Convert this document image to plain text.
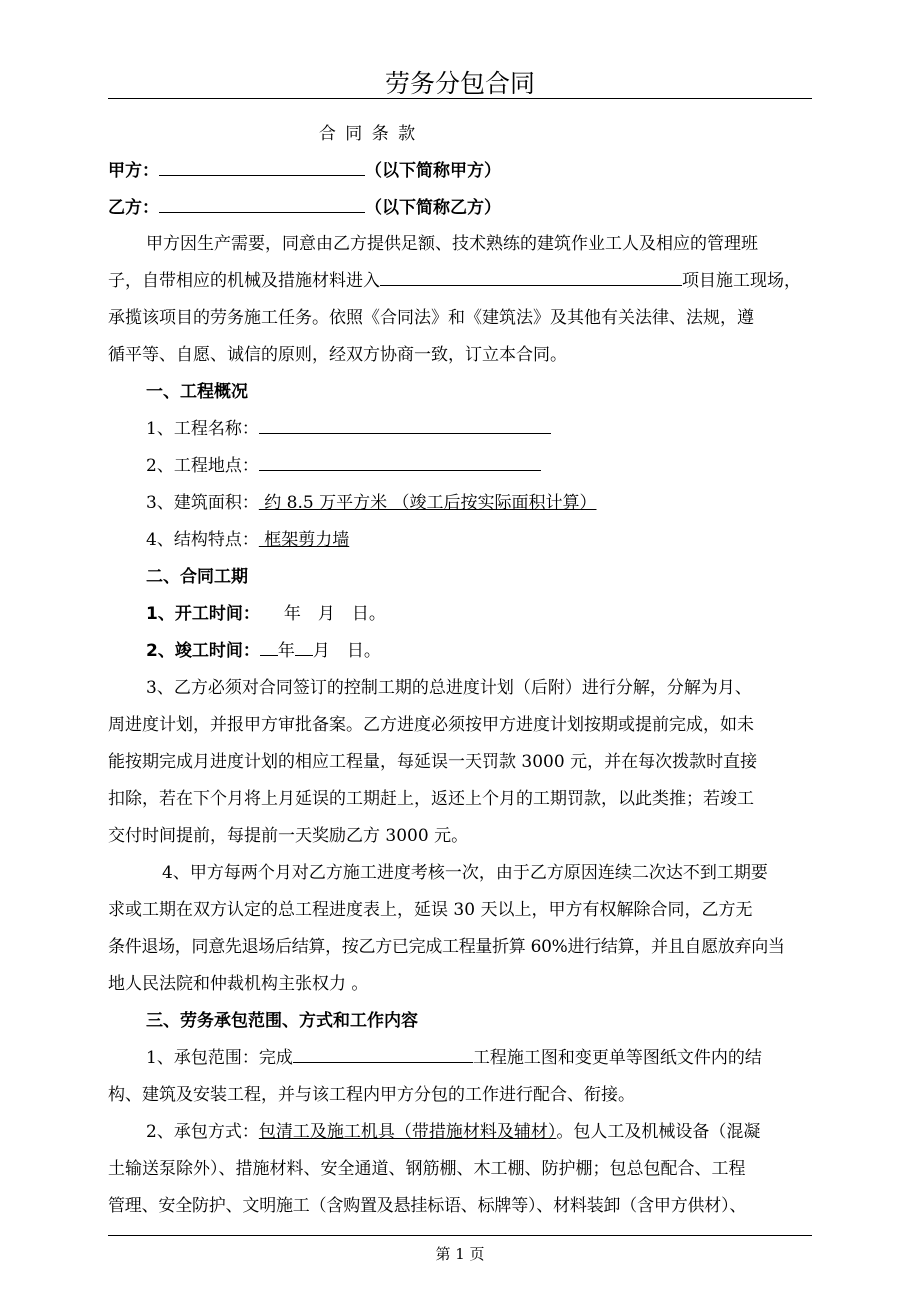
劳务分包合同
合 同 条 款
甲方：	（以下简称甲方）
乙方：	（以下简称乙方）
甲方因生产需要，同意由乙方提供足额、技术熟练的建筑作业工人及相应的管理班
子，自带相应的机械及措施材料进入	项目施工现场，
承揽该项目的劳务施工任务。依照《合同法》和《建筑法》及其他有关法律、法规，遵
循平等、自愿、诚信的原则，经双方协商一致，订立本合同。
一、工程概况
1、工程名称：
2、工程地点：
3、建筑面积： 约 8.5 万平方米 （竣工后按实际面积计算）
4、结构特点： 框架剪力墙
二、合同工期
1、开工时间： 年　月　日。
2、竣工时间： 年 月　日。
3、乙方必须对合同签订的控制工期的总进度计划（后附）进行分解，分解为月、
周进度计划，并报甲方审批备案。乙方进度必须按甲方进度计划按期或提前完成，如未
能按期完成月进度计划的相应工程量，每延误一天罚款 3000 元，并在每次拨款时直接
扣除，若在下个月将上月延误的工期赶上，返还上个月的工期罚款，以此类推；若竣工
交付时间提前，每提前一天奖励乙方 3000 元。
4、甲方每两个月对乙方施工进度考核一次，由于乙方原因连续二次达不到工期要
求或工期在双方认定的总工程进度表上，延误 30 天以上，甲方有权解除合同，乙方无
条件退场，同意先退场后结算，按乙方已完成工程量折算 60%进行结算，并且自愿放弃向当
地人民法院和仲裁机构主张权力 。
三、劳务承包范围、方式和工作内容
1、承包范围：完成	工程施工图和变更单等图纸文件内的结
构、建筑及安装工程，并与该工程内甲方分包的工作进行配合、衔接。
2、承包方式：包清工及施工机具（带措施材料及辅材）。包人工及机械设备（混凝
土输送泵除外）、措施材料、安全通道、钢筋棚、木工棚、防护棚；包总包配合、工程
管理、安全防护、文明施工（含购置及悬挂标语、标牌等）、材料装卸（含甲方供材）、
第 1 页
